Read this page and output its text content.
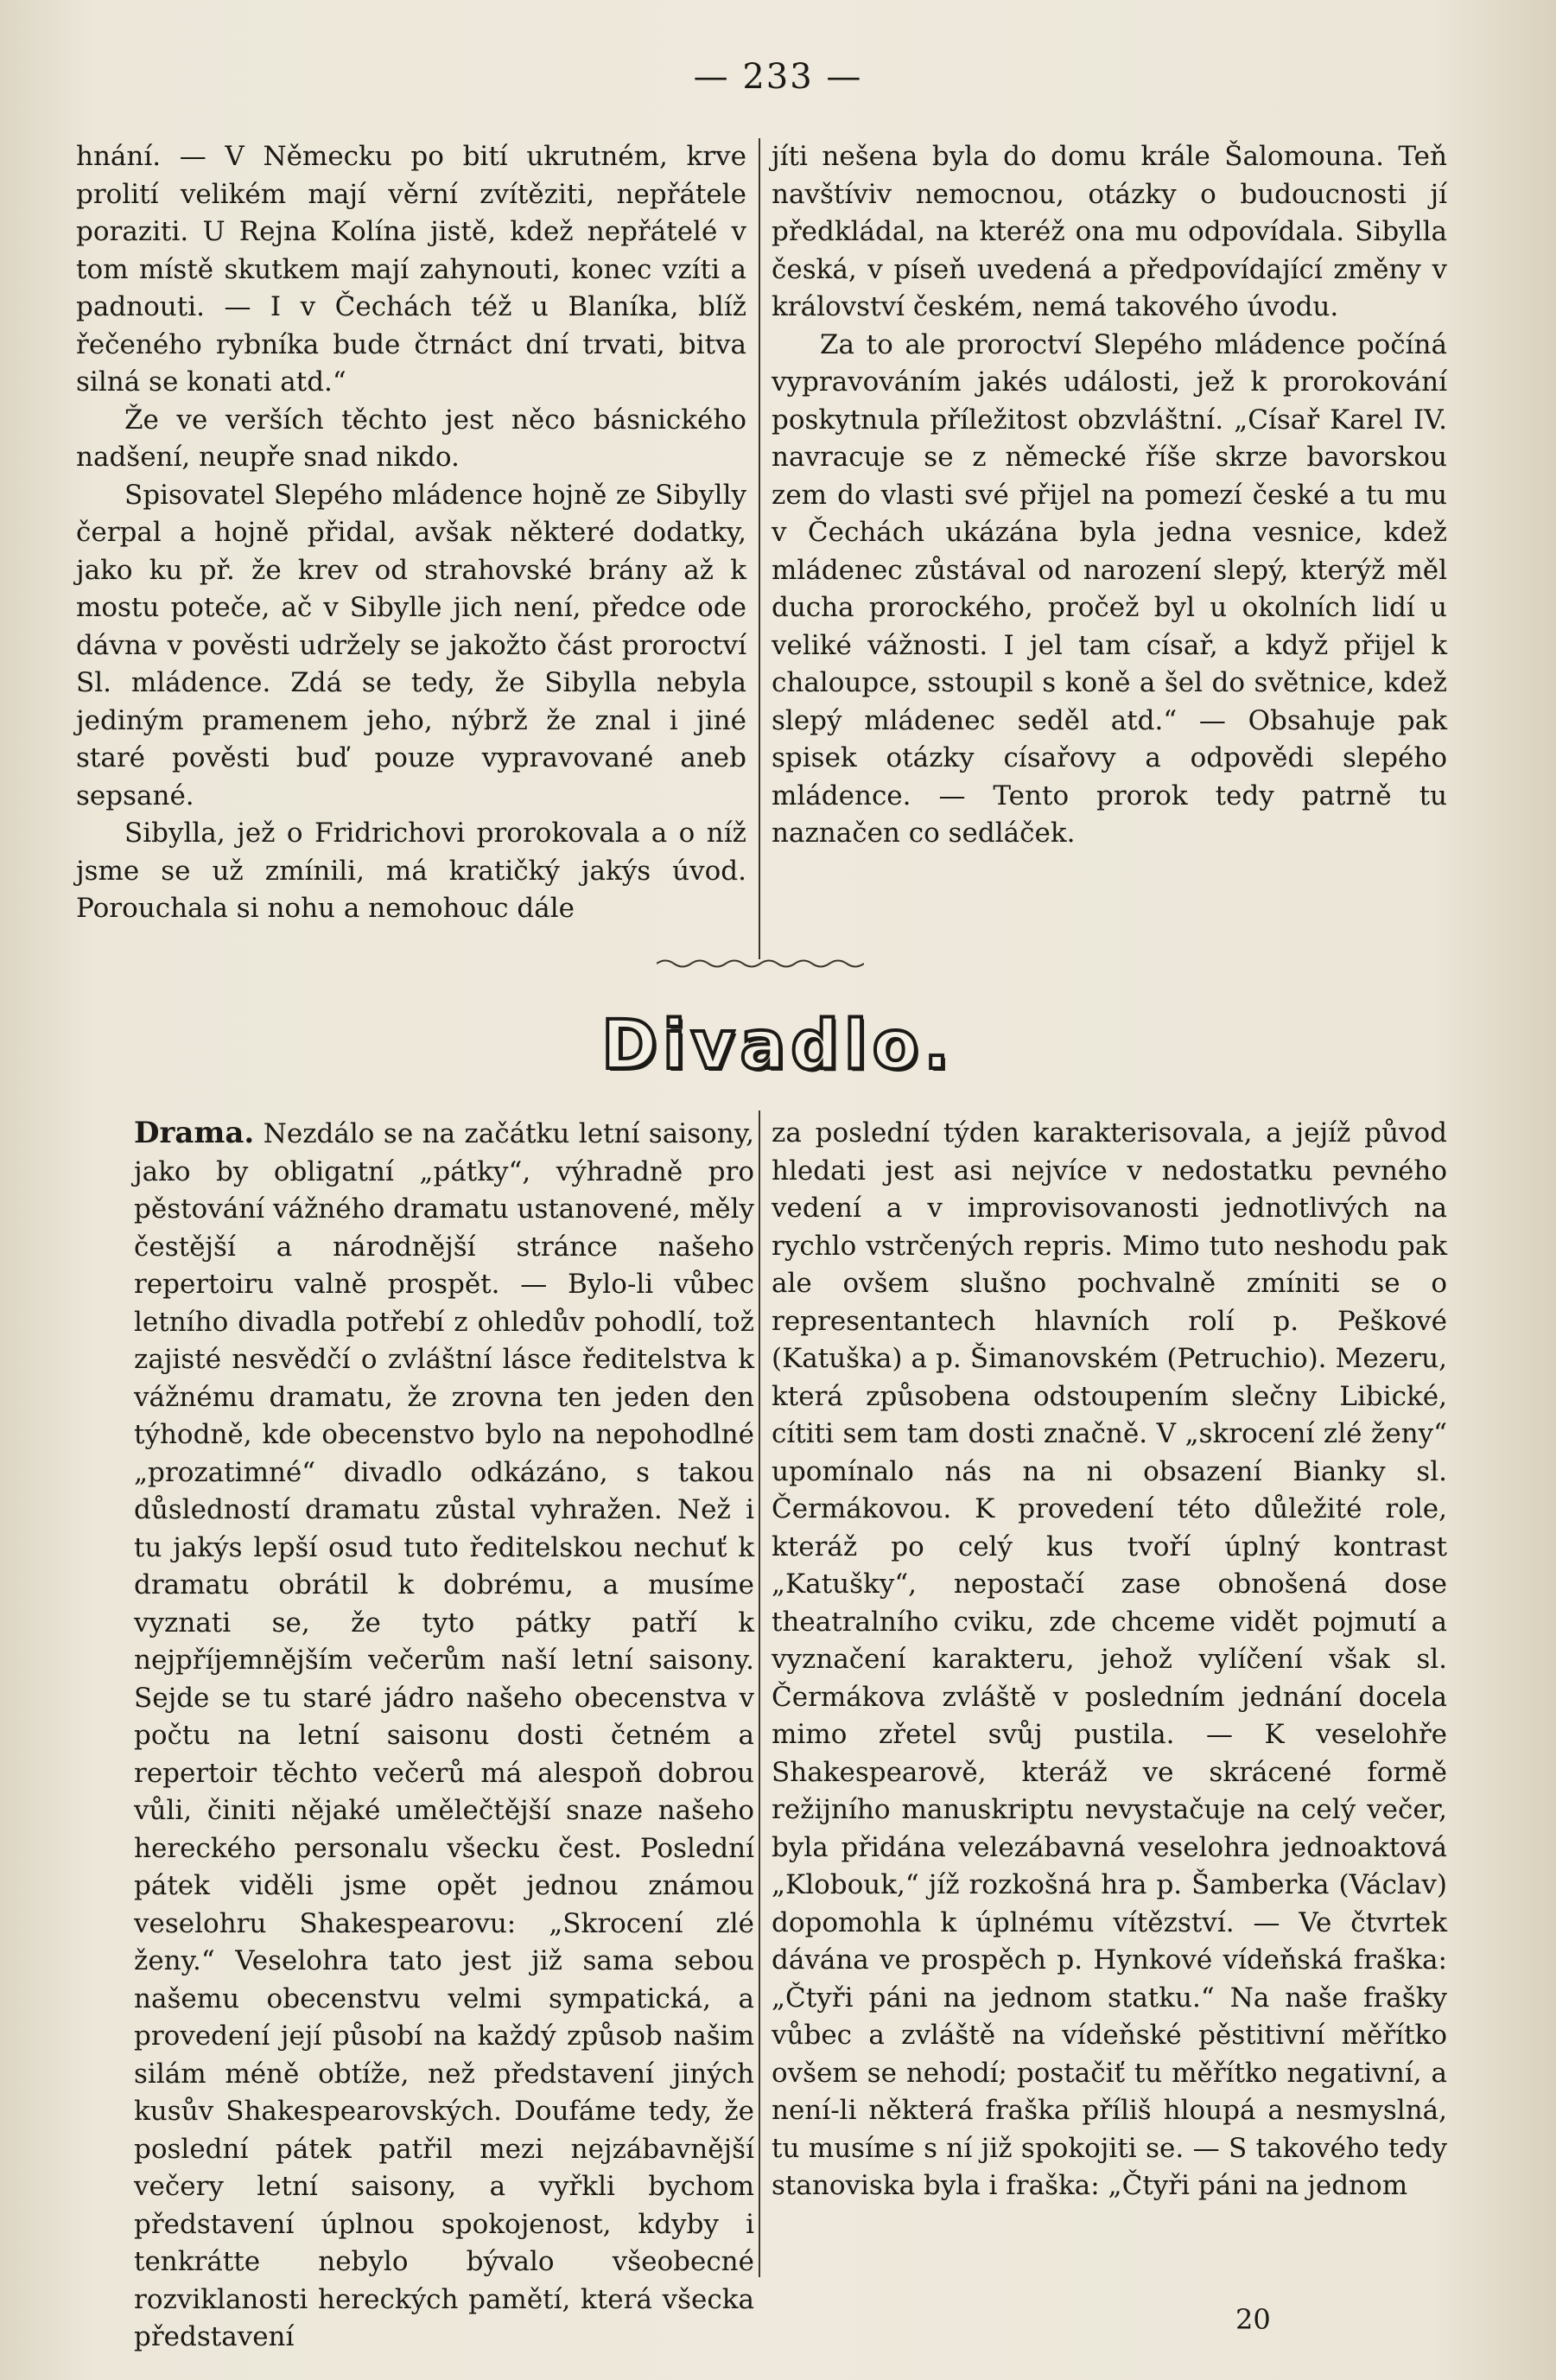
— 233 —

hnání. — V Německu po bití ukrutném, krve prolití velikém mají věrní zvítěziti, nepřátele poraziti. U Rejna Kolína jistě, kdež nepřátelé v tom místě skutkem mají zahynouti, konec vzíti a padnouti. — I v Čechách též u Blaníka, blíž řečeného rybníka bude čtrnáct dní trvati, bitva silná se konati atd.“

Že ve verších těchto jest něco básnického nadšení, neupře snad nikdo.

Spisovatel Slepého mládence hojně ze Sibylly čerpal a hojně přidal, avšak některé dodatky, jako ku př. že krev od strahovské brány až k mostu poteče, ač v Sibylle jich není, předce ode dávna v pověsti udržely se jakožto část proroctví Sl. mládence. Zdá se tedy, že Sibylla nebyla jediným pramenem jeho, nýbrž že znal i jiné staré pověsti buď pouze vypravované aneb sepsané.

Sibylla, jež o Fridrichovi prorokovala a o níž jsme se už zmínili, má kratičký jakýs úvod. Porouchala si nohu a nemohouc dále

jíti nešena byla do domu krále Šalomouna. Teň navštíviv nemocnou, otázky o budoucnosti jí předkládal, na kteréž ona mu odpovídala. Sibylla česká, v píseň uvedená a předpovídající změny v království českém, nemá takového úvodu.

Za to ale proroctví Slepého mládence počíná vypravováním jakés události, jež k prorokování poskytnula příležitost obzvláštní. „Císař Karel IV. navracuje se z německé říše skrze bavorskou zem do vlasti své přijel na pomezí české a tu mu v Čechách ukázána byla jedna vesnice, kdež mládenec zůstával od narození slepý, kterýž měl ducha prorockého, pročež byl u okolních lidí u veliké vážnosti. I jel tam císař, a když přijel k chaloupce, sstoupil s koně a šel do světnice, kdež slepý mládenec seděl atd.“ — Obsahuje pak spisek otázky císařovy a odpovědi slepého mládence. — Tento prorok tedy patrně tu naznačen co sedláček.

Divadlo.

Drama. Nezdálo se na začátku letní saisony, jako by obligatní „pátky“, výhradně pro pěstování vážného dramatu ustanovené, měly čestější a národnější stránce našeho repertoiru valně prospět. — Bylo-li vůbec letního divadla potřebí z ohledův pohodlí, tož zajisté nesvědčí o zvláštní lásce ředitelstva k vážnému dramatu, že zrovna ten jeden den týhodně, kde obecenstvo bylo na nepohodlné „prozatimné“ divadlo odkázáno, s takou důsledností dramatu zůstal vyhražen. Než i tu jakýs lepší osud tuto ředitelskou nechuť k dramatu obrátil k dobrému, a musíme vyznati se, že tyto pátky patří k nejpříjemnějším večerům naší letní saisony. Sejde se tu staré jádro našeho obecenstva v počtu na letní saisonu dosti četném a repertoir těchto večerů má alespoň dobrou vůli, činiti nějaké umělečtější snaze našeho hereckého personalu všecku čest. Poslední pátek viděli jsme opět jednou známou veselohru Shakespearovu: „Skrocení zlé ženy.“ Veselohra tato jest již sama sebou našemu obecenstvu velmi sympatická, a provedení její působí na každý způsob našim silám méně obtíže, než představení jiných kusův Shakespearovských. Doufáme tedy, že poslední pátek patřil mezi nejzábavnější večery letní saisony, a vyřkli bychom představení úplnou spokojenost, kdyby i tenkrátte nebylo bývalo všeobecné rozviklanosti hereckých pamětí, která všecka představení

za poslední týden karakterisovala, a jejíž původ hledati jest asi nejvíce v nedostatku pevného vedení a v improvisovanosti jednotlivých na rychlo vstrčených repris. Mimo tuto neshodu pak ale ovšem slušno pochvalně zmíniti se o representantech hlavních rolí p. Peškové (Katuška) a p. Šimanovském (Petruchio). Mezeru, která způsobena odstoupením slečny Libické, cítiti sem tam dosti značně. V „skrocení zlé ženy“ upomínalo nás na ni obsazení Bianky sl. Čermákovou. K provedení této důležité role, kteráž po celý kus tvoří úplný kontrast „Katušky“, nepostačí zase obnošená dose theatralního cviku, zde chceme vidět pojmutí a vyznačení karakteru, jehož vylíčení však sl. Čermákova zvláště v posledním jednání docela mimo zřetel svůj pustila. — K veselohře Shakespearově, kteráž ve skrácené formě režijního manuskriptu nevystačuje na celý večer, byla přidána velezábavná veselohra jednoaktová „Klobouk,“ jíž rozkošná hra p. Šamberka (Václav) dopomohla k úplnému vítězství. — Ve čtvrtek dávána ve prospěch p. Hynkové vídeňská fraška: „Čtyři páni na jednom statku.“ Na naše frašky vůbec a zvláště na vídeňské pěstitivní měřítko ovšem se nehodí; postačiť tu měřítko negativní, a není-li některá fraška příliš hloupá a nesmyslná, tu musíme s ní již spokojiti se. — S takového tedy stanoviska byla i fraška: „Čtyři páni na jednom

20
